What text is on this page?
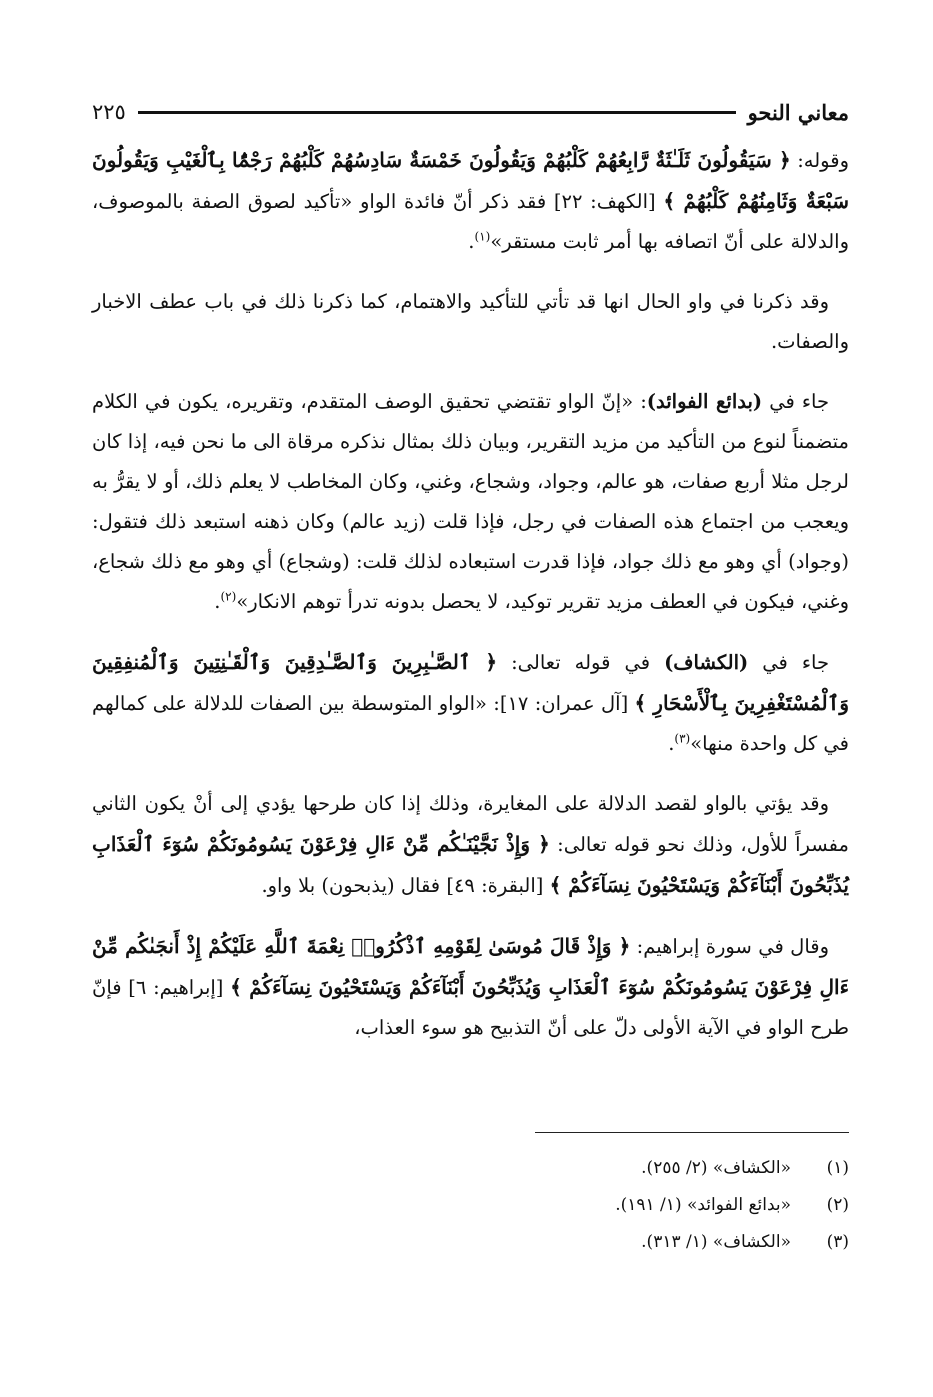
معاني النحو
٢٢٥

وقوله: ﴿ سَيَقُولُونَ ثَلَـٰثَةٌ رَّابِعُهُمْ كَلْبُهُمْ وَيَقُولُونَ خَمْسَةٌ سَادِسُهُمْ كَلْبُهُمْ رَجْمًۢا بِٱلْغَيْبِ وَيَقُولُونَ سَبْعَةٌ وَثَامِنُهُمْ كَلْبُهُمْ ﴾ [الكهف: ٢٢] فقد ذكر أنّ فائدة الواو «تأكيد لصوق الصفة بالموصوف، والدلالة على أنّ اتصافه بها أمر ثابت مستقر»$^{(١)}$.

وقد ذكرنا في واو الحال انها قد تأتي للتأكيد والاهتمام، كما ذكرنا ذلك في باب عطف الاخبار والصفات.

جاء في (بدائع الفوائد): «إنّ الواو تقتضي تحقيق الوصف المتقدم، وتقريره، يكون في الكلام متضمناً لنوع من التأكيد من مزيد التقرير، وبيان ذلك بمثال نذكره مرقاة الى ما نحن فيه، إذا كان لرجل مثلا أربع صفات، هو عالم، وجواد، وشجاع، وغني، وكان المخاطب لا يعلم ذلك، أو لا يقرُّ به ويعجب من اجتماع هذه الصفات في رجل، فإذا قلت (زيد عالم) وكان ذهنه استبعد ذلك فتقول: (وجواد) أي وهو مع ذلك جواد، فإذا قدرت استبعاده لذلك قلت: (وشجاع) أي وهو مع ذلك شجاع، وغني، فيكون في العطف مزيد تقرير توكيد، لا يحصل بدونه تدرأ توهم الانكار»$^{(٢)}$.

جاء في (الكشاف) في قوله تعالى: ﴿ ٱلصَّـٰبِرِينَ وَٱلصَّـٰدِقِينَ وَٱلْقَـٰنِتِينَ وَٱلْمُنفِقِينَ وَٱلْمُسْتَغْفِرِينَ بِٱلْأَسْحَارِ ﴾ [آل عمران: ١٧]: «الواو المتوسطة بين الصفات للدلالة على كمالهم في كل واحدة منها»$^{(٣)}$.

وقد يؤتي بالواو لقصد الدلالة على المغايرة، وذلك إذا كان طرحها يؤدي إلى أنْ يكون الثاني مفسراً للأول، وذلك نحو قوله تعالى: ﴿ وَإِذْ نَجَّيْنَـٰكُم مِّنْ ءَالِ فِرْعَوْنَ يَسُومُونَكُمْ سُوٓءَ ٱلْعَذَابِ يُذَبِّحُونَ أَبْنَآءَكُمْ وَيَسْتَحْيُونَ نِسَآءَكُمْ ﴾ [البقرة: ٤٩] فقال (يذبحون) بلا واو.

وقال في سورة إبراهيم: ﴿ وَإِذْ قَالَ مُوسَىٰ لِقَوْمِهِ ٱذْكُرُوا۟ نِعْمَةَ ٱللَّهِ عَلَيْكُمْ إِذْ أَنجَىٰكُم مِّنْ ءَالِ فِرْعَوْنَ يَسُومُونَكُمْ سُوٓءَ ٱلْعَذَابِ وَيُذَبِّحُونَ أَبْنَآءَكُمْ وَيَسْتَحْيُونَ نِسَآءَكُمْ ﴾ [إبراهيم: ٦] فإنّ طرح الواو في الآية الأولى دلّ على أنّ التذبيح هو سوء العذاب،

(١)
«الكشاف» (٢/ ٢٥٥).
(٢)
«بدائع الفوائد» (١/ ١٩١).
(٣)
«الكشاف» (١/ ٣١٣).
